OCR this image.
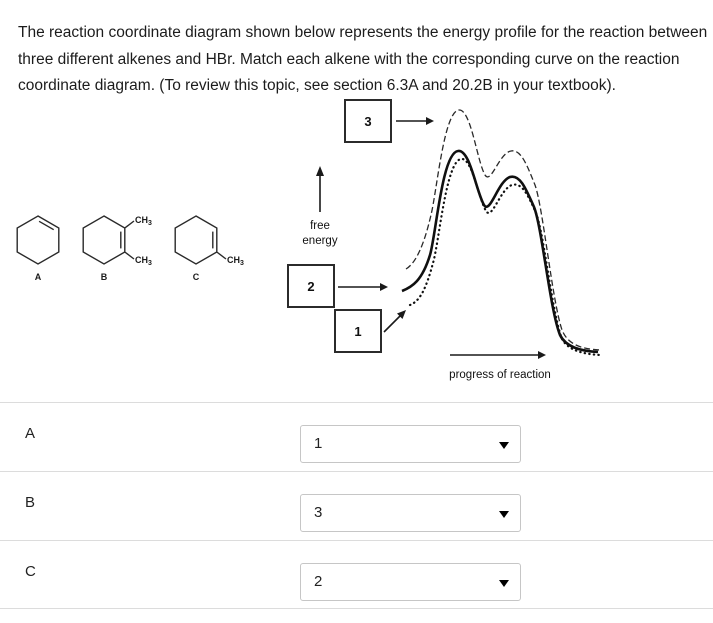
The reaction coordinate diagram shown below represents the energy profile for the reaction between three different alkenes and HBr. Match each alkene with the corresponding curve on the reaction coordinate diagram. (To review this topic, see section 6.3A and 20.2B in your textbook).

A
$CH_3$
$CH_3$
B
$CH_3$
C
3
free
energy
2
1
progress of reaction
A
1
B
3
C
2
